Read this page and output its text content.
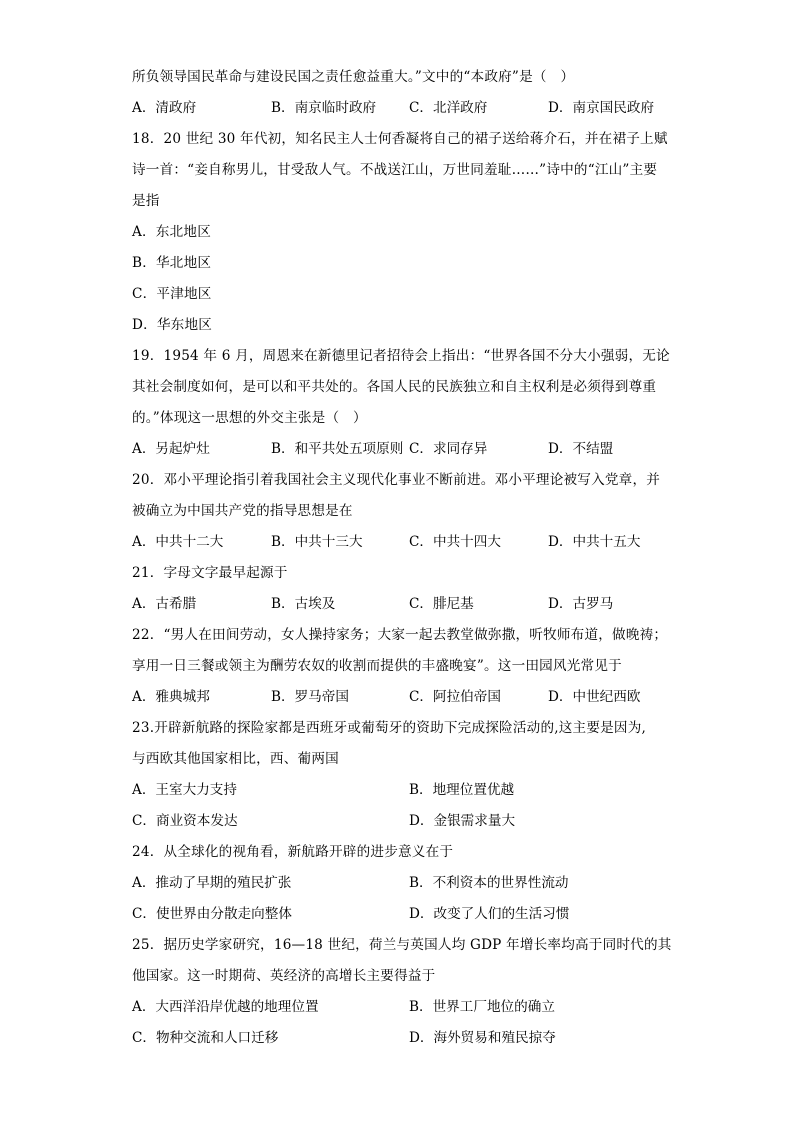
所负领导国民革命与建设民国之责任愈益重大。”文中的“本政府”是（　）
A．清政府	B．南京临时政府 C．北洋政府	D．南京国民政府
18．20 世纪 30 年代初，知名民主人士何香凝将自己的裙子送给蒋介石，并在裙子上赋
诗一首：“妾自称男儿，甘受敌人气。不战送江山，万世同羞耻……”诗中的“江山”主要
是指
A．东北地区
B．华北地区
C．平津地区
D．华东地区
19．1954 年 6 月，周恩来在新德里记者招待会上指出：“世界各国不分大小强弱，无论
其社会制度如何，是可以和平共处的。各国人民的民族独立和自主权利是必须得到尊重
的。”体现这一思想的外交主张是（　）
A．另起炉灶	B．和平共处五项原则 C．求同存异	D．不结盟
20．邓小平理论指引着我国社会主义现代化事业不断前进。邓小平理论被写入党章，并
被确立为中国共产党的指导思想是在
A．中共十二大	B．中共十三大	C．中共十四大	D．中共十五大
21．字母文字最早起源于
A．古希腊	B．古埃及	C．腓尼基	D．古罗马
22．“男人在田间劳动，女人操持家务；大家一起去教堂做弥撒，听牧师布道，做晚祷；
享用一日三餐或领主为酬劳农奴的收割而提供的丰盛晚宴”。这一田园风光常见于
A．雅典城邦	B．罗马帝国	C．阿拉伯帝国	D．中世纪西欧
23.开辟新航路的探险家都是西班牙或葡萄牙的资助下完成探险活动的,这主要是因为,
与西欧其他国家相比，西、葡两国
A．王室大力支持	B．地理位置优越
C．商业资本发达	D．金银需求量大
24．从全球化的视角看，新航路开辟的进步意义在于
A．推动了早期的殖民扩张	B．不利资本的世界性流动
C．使世界由分散走向整体	D．改变了人们的生活习惯
25．据历史学家研究，16—18 世纪，荷兰与英国人均 GDP 年增长率均高于同时代的其
他国家。这一时期荷、英经济的高增长主要得益于
A．大西洋沿岸优越的地理位置	B．世界工厂地位的确立
C．物种交流和人口迁移	D．海外贸易和殖民掠夺
